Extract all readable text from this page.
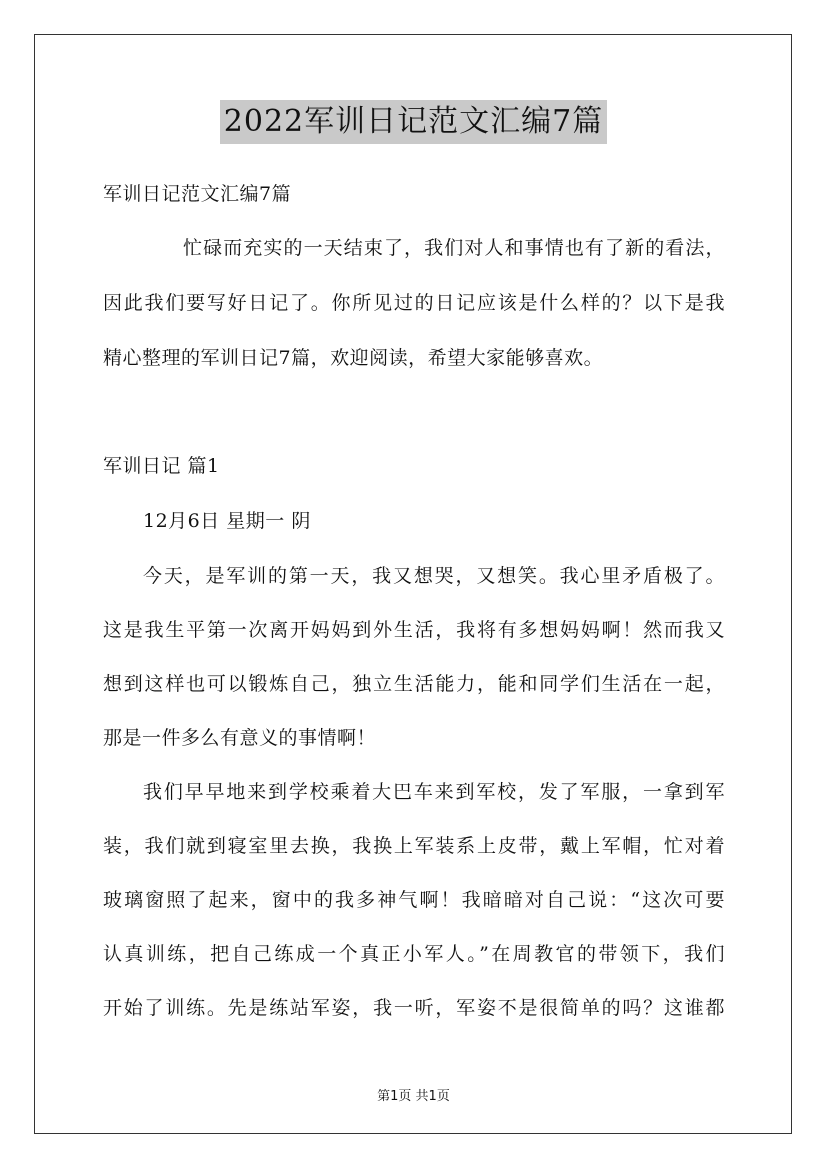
2022军训日记范文汇编7篇
军训日记范文汇编7篇
忙碌而充实的一天结束了，我们对人和事情也有了新的看法，
因此我们要写好日记了。你所见过的日记应该是什么样的？以下是我
精心整理的军训日记7篇，欢迎阅读，希望大家能够喜欢。
军训日记 篇1
12月6日 星期一 阴
今天，是军训的第一天，我又想哭，又想笑。我心里矛盾极了。
这是我生平第一次离开妈妈到外生活，我将有多想妈妈啊！然而我又
想到这样也可以锻炼自己，独立生活能力，能和同学们生活在一起，
那是一件多么有意义的事情啊！
我们早早地来到学校乘着大巴车来到军校，发了军服，一拿到军
装，我们就到寝室里去换，我换上军装系上皮带，戴上军帽，忙对着
玻璃窗照了起来，窗中的我多神气啊！我暗暗对自己说：“这次可要
认真训练，把自己练成一个真正小军人。”在周教官的带领下，我们
开始了训练。先是练站军姿，我一听，军姿不是很简单的吗？这谁都
第1页 共1页
